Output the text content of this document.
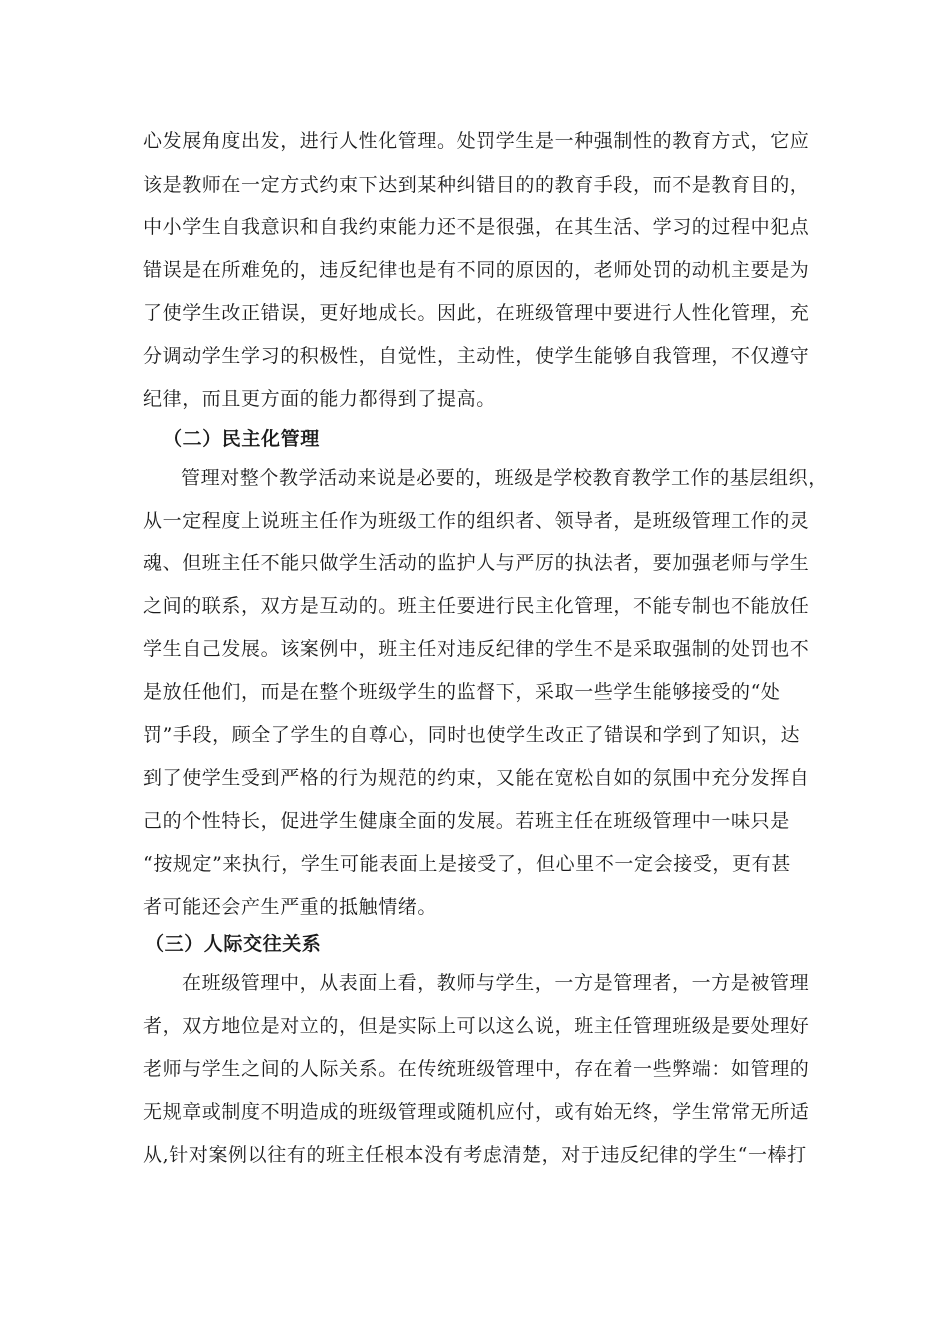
心发展角度出发，进行人性化管理。处罚学生是一种强制性的教育方式，它应
该是教师在一定方式约束下达到某种纠错目的的教育手段，而不是教育目的，
中小学生自我意识和自我约束能力还不是很强，在其生活、学习的过程中犯点
错误是在所难免的，违反纪律也是有不同的原因的，老师处罚的动机主要是为
了使学生改正错误，更好地成长。因此，在班级管理中要进行人性化管理，充
分调动学生学习的积极性，自觉性，主动性，使学生能够自我管理，不仅遵守
纪律，而且更方面的能力都得到了提高。
（二）民主化管理
管理对整个教学活动来说是必要的，班级是学校教育教学工作的基层组织，
从一定程度上说班主任作为班级工作的组织者、领导者，是班级管理工作的灵
魂、但班主任不能只做学生活动的监护人与严厉的执法者，要加强老师与学生
之间的联系，双方是互动的。班主任要进行民主化管理，不能专制也不能放任
学生自己发展。该案例中，班主任对违反纪律的学生不是采取强制的处罚也不
是放任他们，而是在整个班级学生的监督下，采取一些学生能够接受的“处
罚”手段，顾全了学生的自尊心，同时也使学生改正了错误和学到了知识，达
到了使学生受到严格的行为规范的约束，又能在宽松自如的氛围中充分发挥自
己的个性特长，促进学生健康全面的发展。若班主任在班级管理中一味只是
“按规定”来执行，学生可能表面上是接受了，但心里不一定会接受，更有甚
者可能还会产生严重的抵触情绪。
（三）人际交往关系
在班级管理中，从表面上看，教师与学生，一方是管理者，一方是被管理
者，双方地位是对立的，但是实际上可以这么说，班主任管理班级是要处理好
老师与学生之间的人际关系。在传统班级管理中，存在着一些弊端：如管理的
无规章或制度不明造成的班级管理或随机应付，或有始无终，学生常常无所适
从,针对案例以往有的班主任根本没有考虑清楚，对于违反纪律的学生“一棒打
